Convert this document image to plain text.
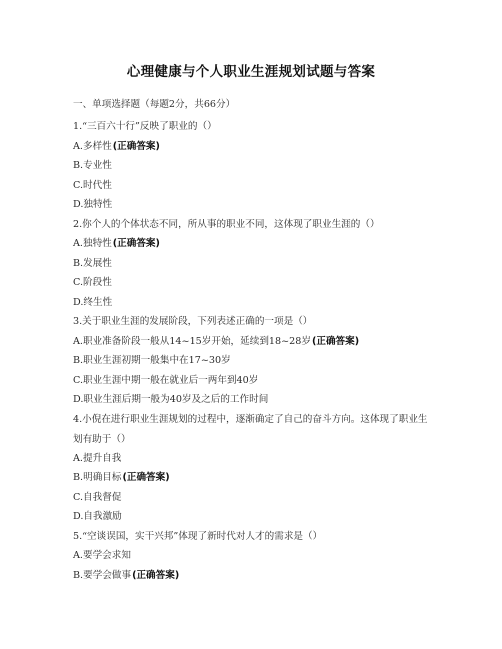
心理健康与个人职业生涯规划试题与答案
一、单项选择题（每题2分，共66分）
1.“三百六十行”反映了职业的（）
A.多样性(正确答案)
B.专业性
C.时代性
D.独特性
2.你个人的个体状态不同，所从事的职业不同，这体现了职业生涯的（）
A.独特性(正确答案)
B.发展性
C.阶段性
D.终生性
3.关于职业生涯的发展阶段，下列表述正确的一项是（）
A.职业准备阶段一般从14~15岁开始，延续到18~28岁(正确答案)
B.职业生涯初期一般集中在17~30岁
C.职业生涯中期一般在就业后一两年到40岁
D.职业生涯后期一般为40岁及之后的工作时间
4.小倪在进行职业生涯规划的过程中，逐渐确定了自己的奋斗方向。这体现了职业生划有助于（）
A.提升自我
B.明确目标(正确答案)
C.自我督促
D.自我激励
5.“空谈误国，实干兴邦”体现了新时代对人才的需求是（）
A.要学会求知
B.要学会做事(正确答案)
